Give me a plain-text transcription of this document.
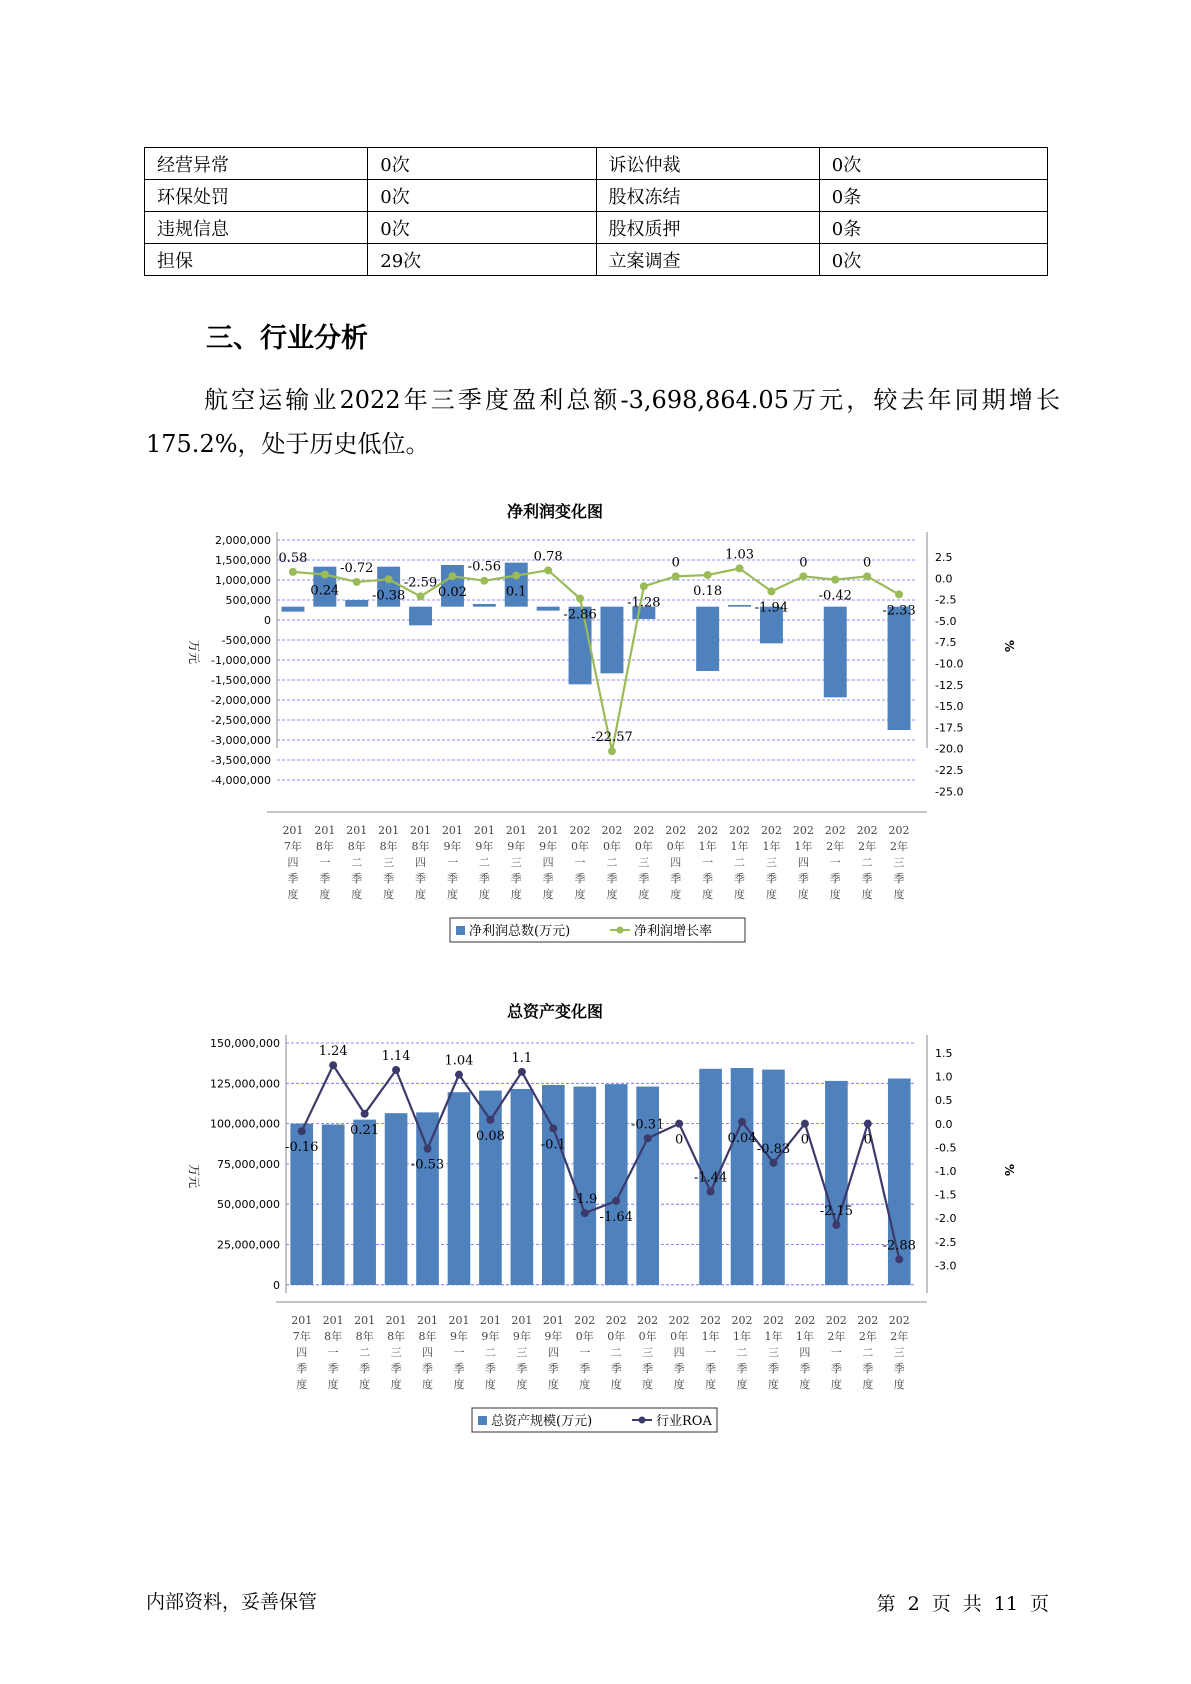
经营异常	0次	诉讼仲裁	0次
环保处罚	0次	股权冻结	0条
违规信息	0次	股权质押	0条
担保	29次	立案调查	0次
三、行业分析

航空运输业2022年三季度盈利总额-3,698,864.05万元，较去年同期增长175.2%，处于历史低位。

净利润变化图
2,000,000
1,500,000
1,000,000
500,000
0
-500,000
-1,000,000
-1,500,000
-2,000,000
-2,500,000
-3,000,000
-3,500,000
-4,000,000
2.5
0.0
-2.5
-5.0
-7.5
-10.0
-12.5
-15.0
-17.5
-20.0
-22.5
-25.0
万元	%
0.58
0.24
-0.72
-0.38
-2.59
0.02
-0.56
0.1
0.78
-2.86
-22.57
-1.28
0
0.18
1.03
-1.94
0
-0.42
0
-2.33
201
7年
四
季
度
201
8年
一
季
度
201
8年
二
季
度
201
8年
三
季
度
201
8年
四
季
度
201
9年
一
季
度
201
9年
二
季
度
201
9年
三
季
度
201
9年
四
季
度
202
0年
一
季
度
202
0年
二
季
度
202
0年
三
季
度
202
0年
四
季
度
202
1年
一
季
度
202
1年
二
季
度
202
1年
三
季
度
202
1年
四
季
度
202
2年
一
季
度
202
2年
二
季
度
202
2年
三
季
度
净利润总数(万元)	净利润增长率
总资产变化图
150,000,000
125,000,000
100,000,000
75,000,000
50,000,000
25,000,000
0
1.5
1.0
0.5
0.0
-0.5
-1.0
-1.5
-2.0
-2.5
-3.0
万元	%
-0.16
1.24
0.21
1.14
-0.53
1.04
0.08
1.1
-0.1
-1.9
-1.64
-0.31
0
-1.44
0.04
-0.83
0
-2.15
0
-2.88
201
7年
四
季
度
201
8年
一
季
度
201
8年
二
季
度
201
8年
三
季
度
201
8年
四
季
度
201
9年
一
季
度
201
9年
二
季
度
201
9年
三
季
度
201
9年
四
季
度
202
0年
一
季
度
202
0年
二
季
度
202
0年
三
季
度
202
0年
四
季
度
202
1年
一
季
度
202
1年
二
季
度
202
1年
三
季
度
202
1年
四
季
度
202
2年
一
季
度
202
2年
二
季
度
202
2年
三
季
度
总资产规模(万元)	行业ROA
内部资料，妥善保管	第 2 页 共 11 页
